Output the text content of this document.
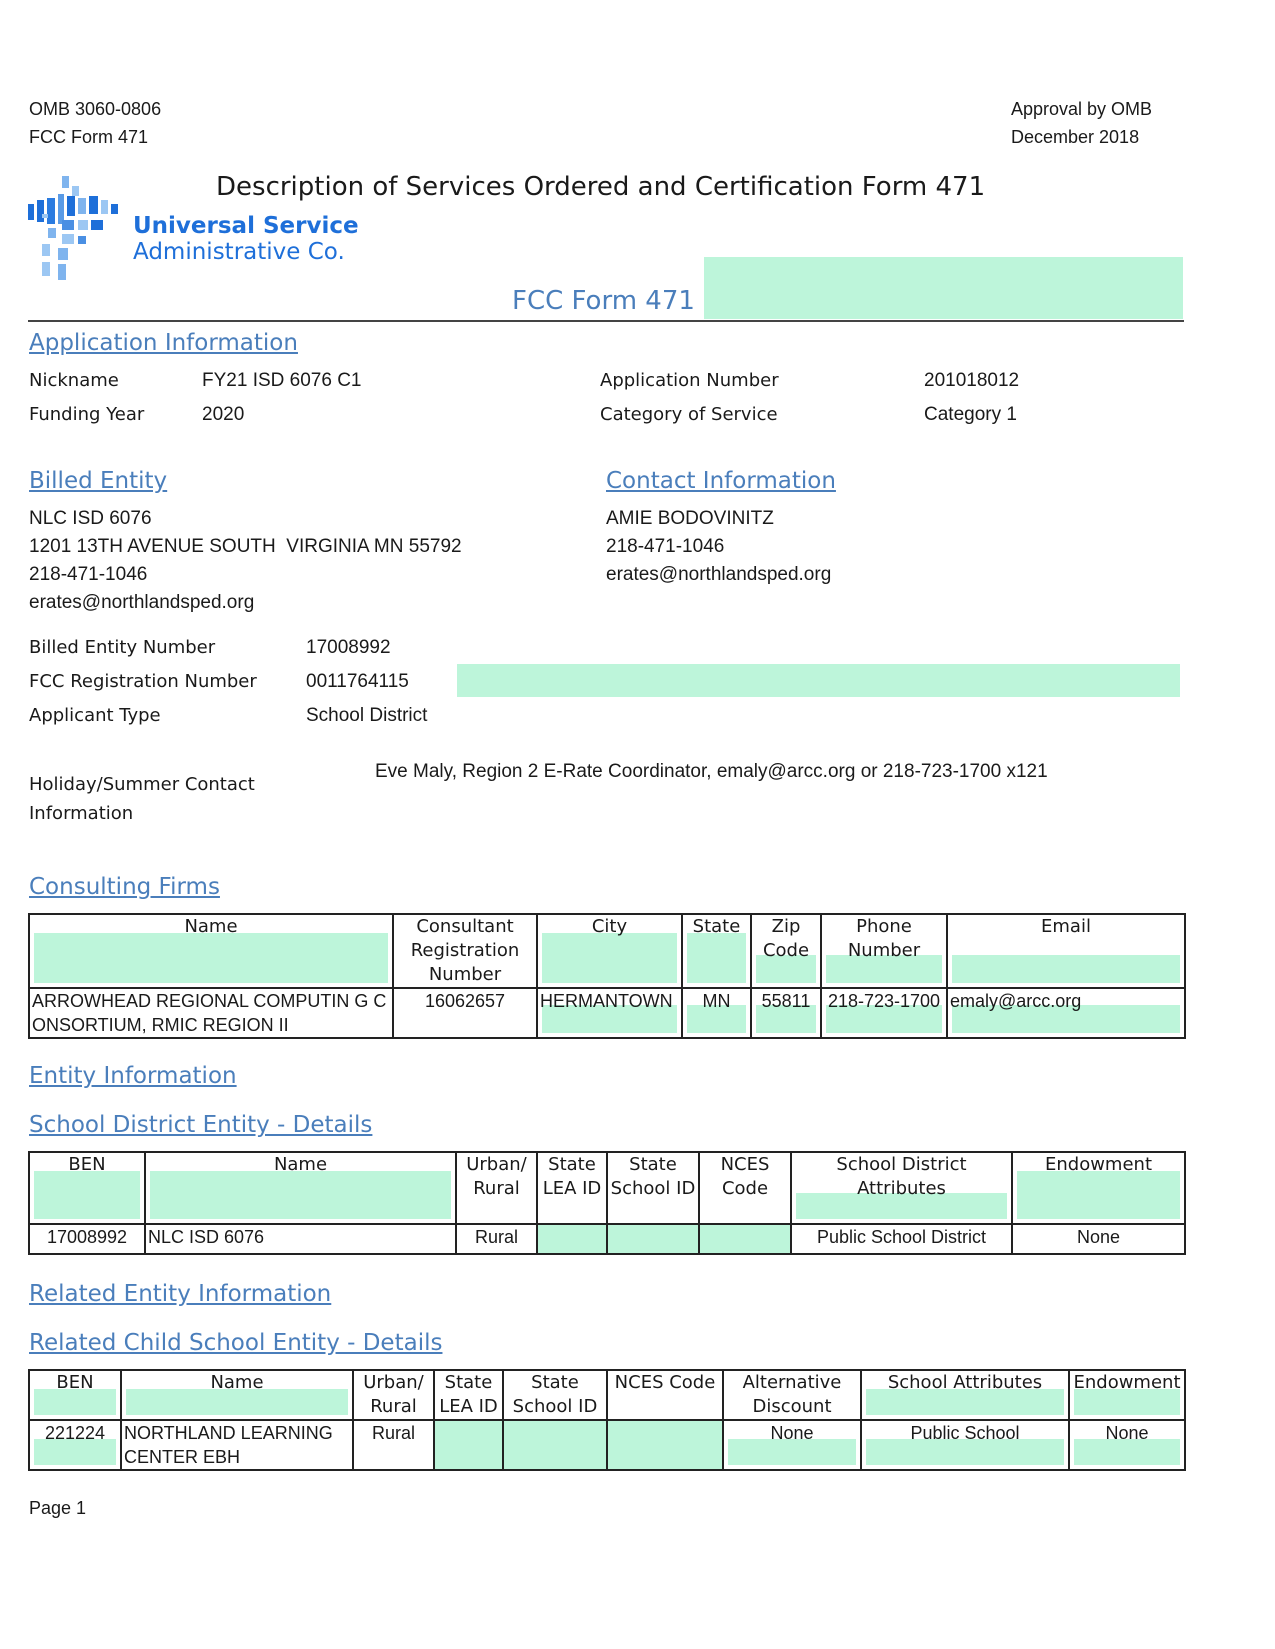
OMB 3060-0806
FCC Form 471
Approval by OMB
December 2018
Universal Service
Administrative Co.
Description of Services Ordered and Certification Form 471
FCC Form 471
Application Information
Nickname	FY21 ISD 6076 C1
Funding Year	2020
Application Number	201018012
Category of Service	Category 1
Billed Entity
NLC ISD 6076
1201 13TH AVENUE SOUTH  VIRGINIA MN 55792
218-471-1046
erates@northlandsped.org
Contact Information
AMIE BODOVINITZ
218-471-1046
erates@northlandsped.org
Billed Entity Number	17008992
FCC Registration Number	0011764115
Applicant Type	School District
Holiday/Summer Contact
Information
Eve Maly, Region 2 E-Rate Coordinator, emaly@arcc.org or 218-723-1700 x121
Consulting Firms
Name	Consultant Registration Number	City	State	Zip Code	Phone Number	Email
ARROWHEAD REGIONAL COMPUTIN G CONSORTIUM, RMIC REGION II	16062657	HERMANTOWN	MN	55811	218-723-1700	emaly@arcc.org
Entity Information
School District Entity - Details
BEN	Name	Urban/ Rural	State LEA ID	State School ID	NCES Code	School District Attributes	Endowment
17008992	NLC ISD 6076	Rural				Public School District	None
Related Entity Information
Related Child School Entity - Details
BEN	Name	Urban/ Rural	State LEA ID	State School ID	NCES Code	Alternative Discount	School Attributes	Endowment

221224	NORTHLAND LEARNING CENTER EBH	Rural				None	Public School	None
Page 1
